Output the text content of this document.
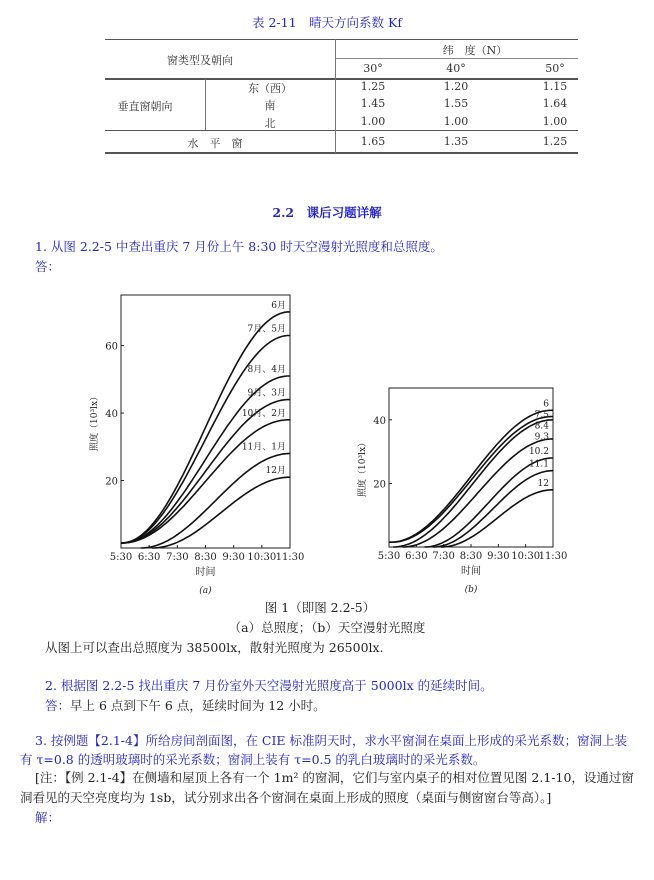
表 2-11　晴天方向系数 Kf
窗类型及朝向
纬　度（N）
30°	40°	50°
垂直窗朝向
东（西）	1.25	1.20	1.15
南	1.45	1.55	1.64
北	1.00	1.00	1.00
水　平　窗	1.65	1.35	1.25
2.2　课后习题详解
1. 从图 2.2-5 中查出重庆 7 月份上午 8:30 时天空漫射光照度和总照度。
答：
5:30 6:30 7:30 8:30 9:30 10:30 11:30
20
40
60
时间
照度（10³lx）
(a)
6月
7月、5月
8月、4月
9月、3月
10月、2月
11月、1月
12月
5:30 6:30 7:30 8:30 9:30 10:30
11:30
20
40
时间
照度（10³lx）
(b)
6
7.5
8.4
9.3
10.2
11.1
12
图 1（即图 2.2-5）
（a）总照度；（b）天空漫射光照度
从图上可以查出总照度为 38500lx，散射光照度为 26500lx.
2. 根据图 2.2-5 找出重庆 7 月份室外天空漫射光照度高于 5000lx 的延续时间。
答：早上 6 点到下午 6 点，延续时间为 12 小时。
3. 按例题【2.1-4】所给房间剖面图，在 CIE 标准阴天时，求水平窗洞在桌面上形成的采光系数；窗洞上装
有 τ=0.8 的透明玻璃时的采光系数；窗洞上装有 τ=0.5 的乳白玻璃时的采光系数。
[注：【例 2.1-4】在侧墙和屋顶上各有一个 1m² 的窗洞，它们与室内桌子的相对位置见图 2.1-10，设通过窗
洞看见的天空亮度均为 1sb，试分别求出各个窗洞在桌面上形成的照度（桌面与侧窗窗台等高）。]
解：
